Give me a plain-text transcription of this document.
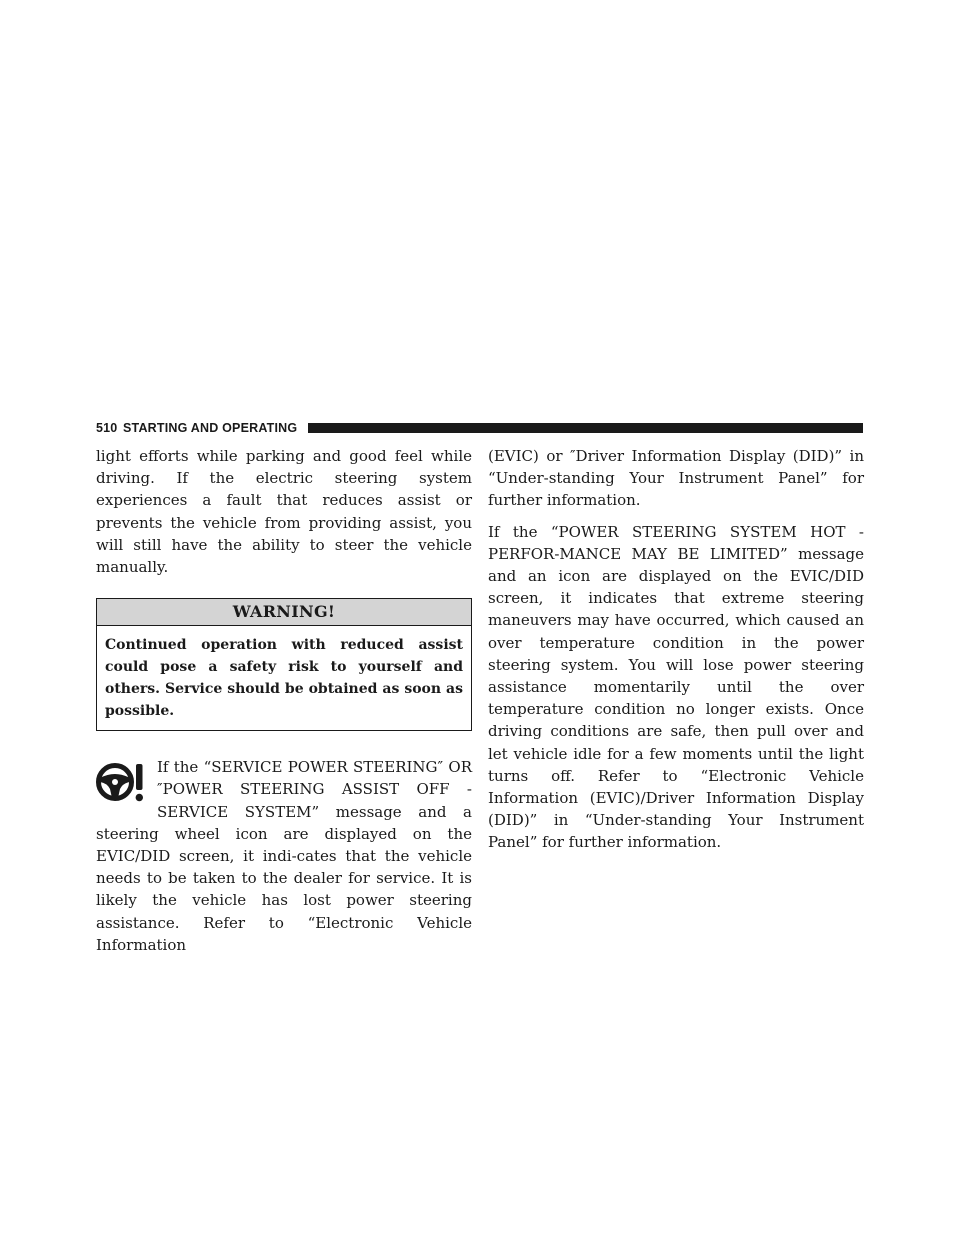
510 STARTING AND OPERATING

light efforts while parking and good feel while driving. If the electric steering system experiences a fault that reduces assist or prevents the vehicle from providing assist, you will still have the ability to steer the vehicle manually.

WARNING!
Continued operation with reduced assist could pose a safety risk to yourself and others. Service should be obtained as soon as possible.

If the “SERVICE POWER STEERING″ OR ″POWER STEERING ASSIST OFF - SERVICE SYSTEM” message and a steering wheel icon are displayed on the EVIC/DID screen, it indi-cates that the vehicle needs to be taken to the dealer for service. It is likely the vehicle has lost power steering assistance. Refer to “Electronic Vehicle Information

(EVIC) or ″Driver Information Display (DID)” in “Under-standing Your Instrument Panel” for further information.

If the “POWER STEERING SYSTEM HOT - PERFOR-MANCE MAY BE LIMITED” message and an icon are displayed on the EVIC/DID screen, it indicates that extreme steering maneuvers may have occurred, which caused an over temperature condition in the power steering system. You will lose power steering assistance momentarily until the over temperature condition no longer exists. Once driving conditions are safe, then pull over and let vehicle idle for a few moments until the light turns off. Refer to “Electronic Vehicle Information (EVIC)/Driver Information Display (DID)” in “Under-standing Your Instrument Panel” for further information.
